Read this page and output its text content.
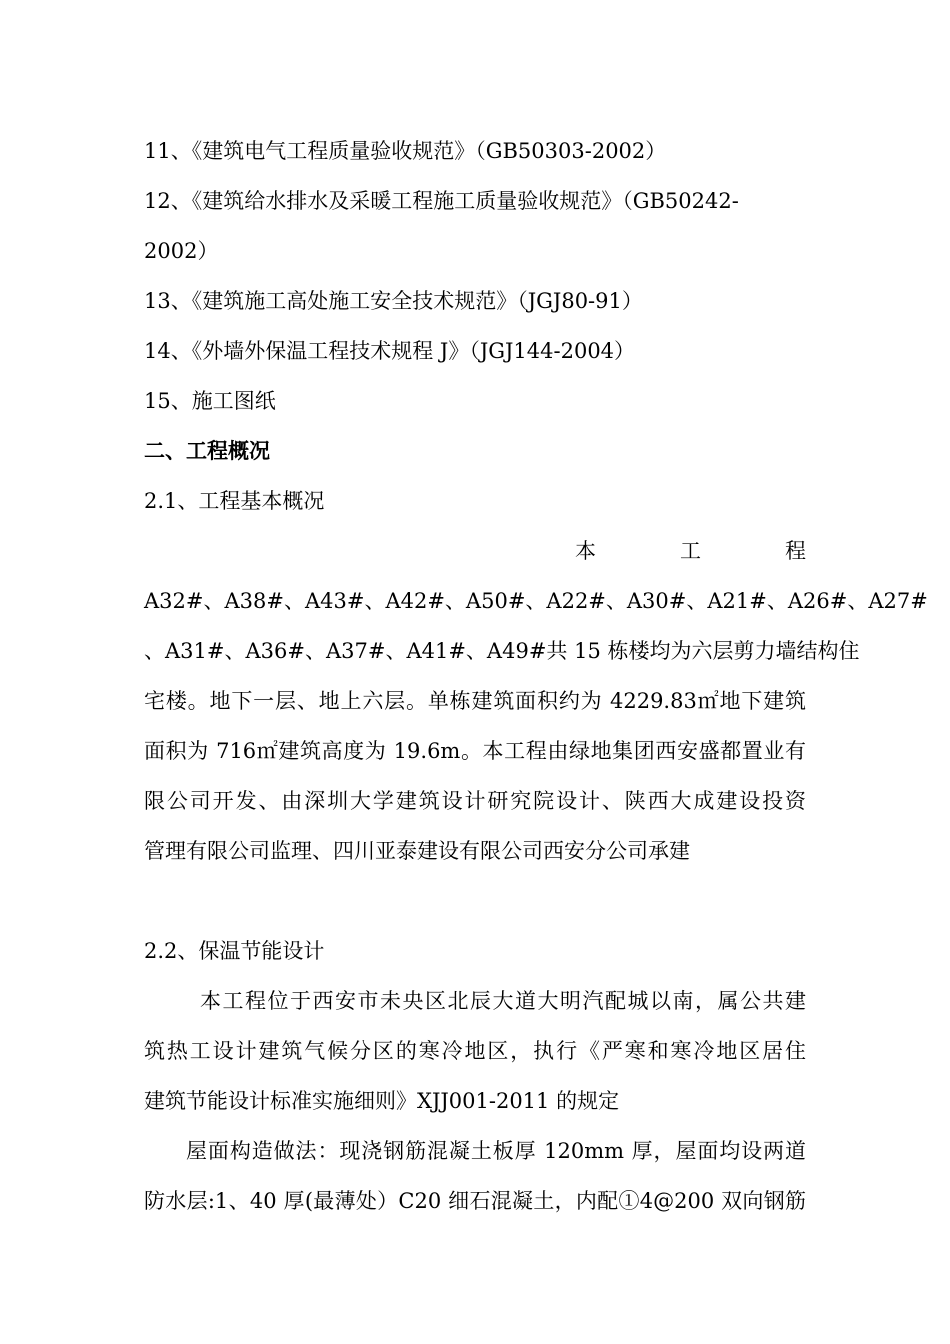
11、《建筑电气工程质量验收规范》（GB50303-2002）
12、《建筑给水排水及采暖工程施工质量验收规范》（GB50242-
2002）
13、《建筑施工高处施工安全技术规范》（JGJ80-91）
14、《外墙外保温工程技术规程 J》（JGJ144-2004）
15、施工图纸
二、工程概况
2.1、工程基本概况
本	工	程
A32#、A38#、A43#、A42#、A50#、A22#、A30#、A21#、A26#、A27#
、A31#、A36#、A37#、A41#、A49#共 15 栋楼均为六层剪力墙结构住
宅楼。地下一层、地上六层。单栋建筑面积约为 4229.83㎡地下建筑
面积为 716㎡建筑高度为 19.6m。本工程由绿地集团西安盛都置业有
限公司开发、由深圳大学建筑设计研究院设计、陕西大成建设投资
管理有限公司监理、四川亚泰建设有限公司西安分公司承建
2.2、保温节能设计
本工程位于西安市未央区北辰大道大明汽配城以南，属公共建
筑热工设计建筑气候分区的寒冷地区，执行《严寒和寒冷地区居住
建筑节能设计标准实施细则》XJJ001-2011 的规定
屋面构造做法：现浇钢筋混凝土板厚 120mm 厚，屋面均设两道
防水层:1、40 厚(最薄处）C20 细石混凝土，内配①4@200 双向钢筋
